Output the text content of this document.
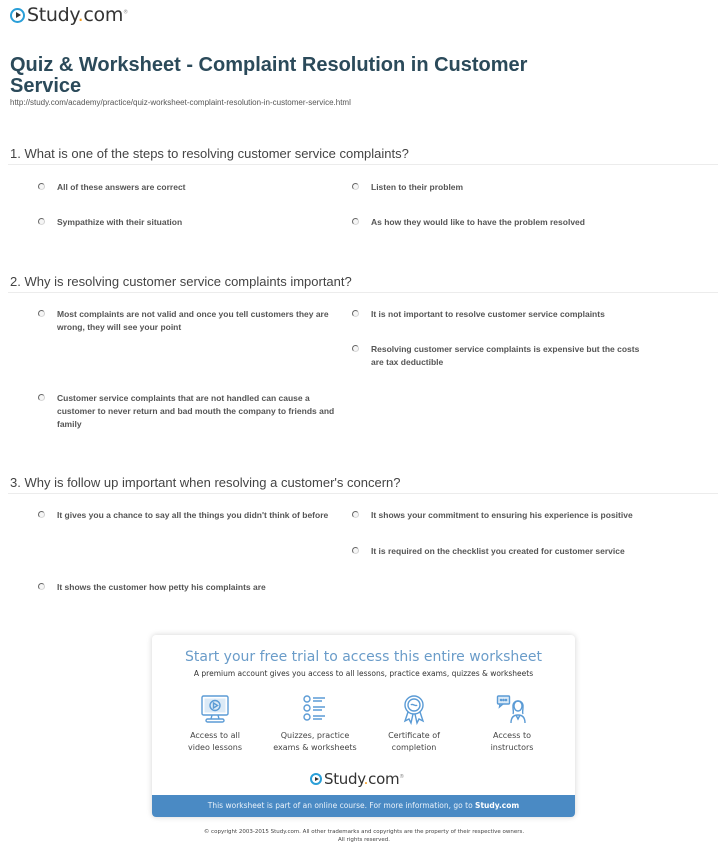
Study.com®
Quiz & Worksheet - Complaint Resolution in Customer Service
http://study.com/academy/practice/quiz-worksheet-complaint-resolution-in-customer-service.html
1. What is one of the steps to resolving customer service complaints?
All of these answers are correct	Listen to their problem
Sympathize with their situation	As how they would like to have the problem resolved
2. Why is resolving customer service complaints important?
Most complaints are not valid and once you tell customers they are wrong, they will see your point
It is not important to resolve customer service complaints
Resolving customer service complaints is expensive but the costs are tax deductible
Customer service complaints that are not handled can cause a customer to never return and bad mouth the company to friends and family
3. Why is follow up important when resolving a customer's concern?
It gives you a chance to say all the things you didn't think of before	It shows your commitment to ensuring his experience is positive
It is required on the checklist you created for customer service
It shows the customer how petty his complaints are
Start your free trial to access this entire worksheet
A premium account gives you access to all lessons, practice exams, quizzes & worksheets
Access to all
video lessons
Quizzes, practice
exams & worksheets
Certificate of
completion
Access to
instructors
Study.com®
This worksheet is part of an online course. For more information, go to Study.com
© copyright 2003-2015 Study.com. All other trademarks and copyrights are the property of their respective owners.
All rights reserved.
